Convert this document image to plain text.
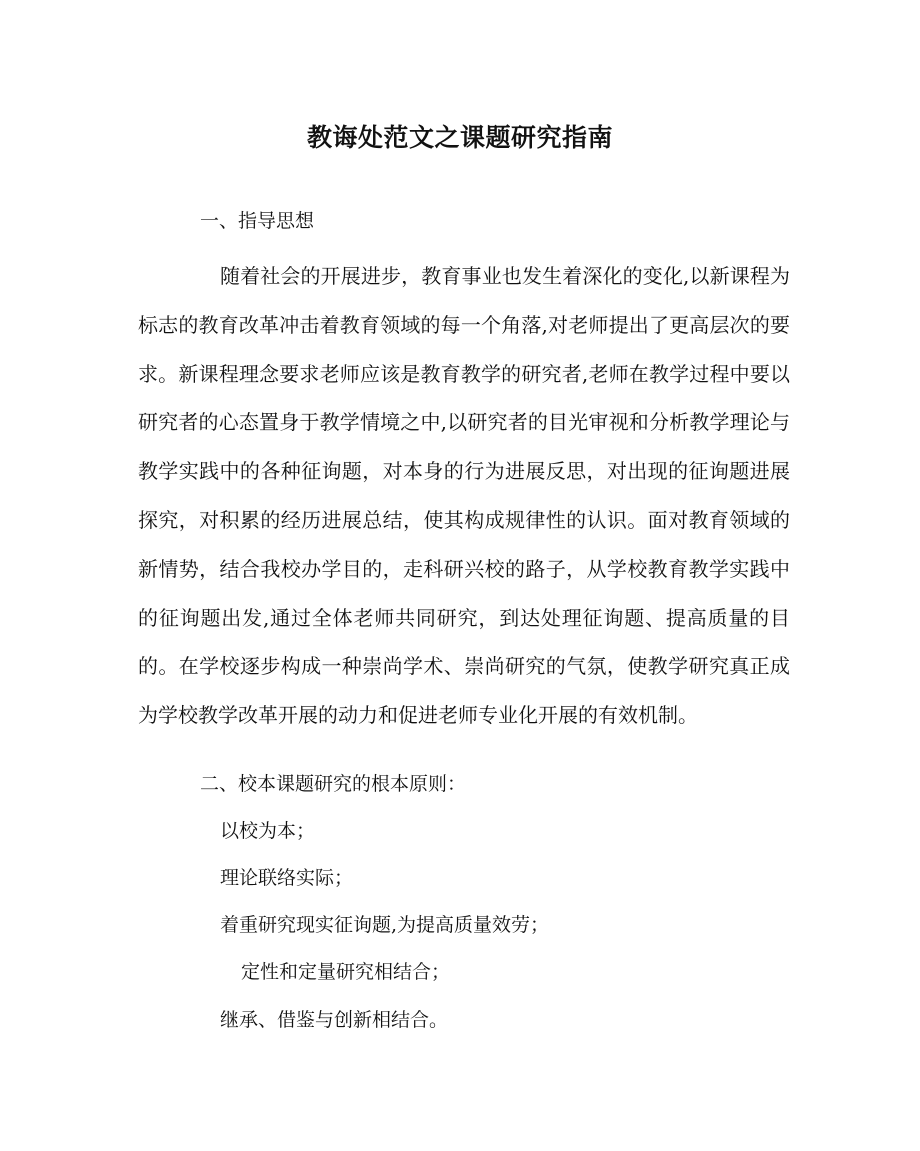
教诲处范文之课题研究指南
一、指导思想

随着社会的开展进步，教育事业也发生着深化的变化,以新课程为标志的教育改革冲击着教育领域的每一个角落,对老师提出了更高层次的要求。新课程理念要求老师应该是教育教学的研究者,老师在教学过程中要以研究者的心态置身于教学情境之中,以研究者的目光审视和分析教学理论与教学实践中的各种征询题，对本身的行为进展反思，对出现的征询题进展探究，对积累的经历进展总结，使其构成规律性的认识。面对教育领域的新情势，结合我校办学目的，走科研兴校的路子，从学校教育教学实践中的征询题出发,通过全体老师共同研究，到达处理征询题、提高质量的目的。在学校逐步构成一种崇尚学术、崇尚研究的气氛，使教学研究真正成为学校教学改革开展的动力和促进老师专业化开展的有效机制。

二、校本课题研究的根本原则：
以校为本；
理论联络实际；
着重研究现实征询题,为提高质量效劳；
定性和定量研究相结合；
继承、借鉴与创新相结合。
